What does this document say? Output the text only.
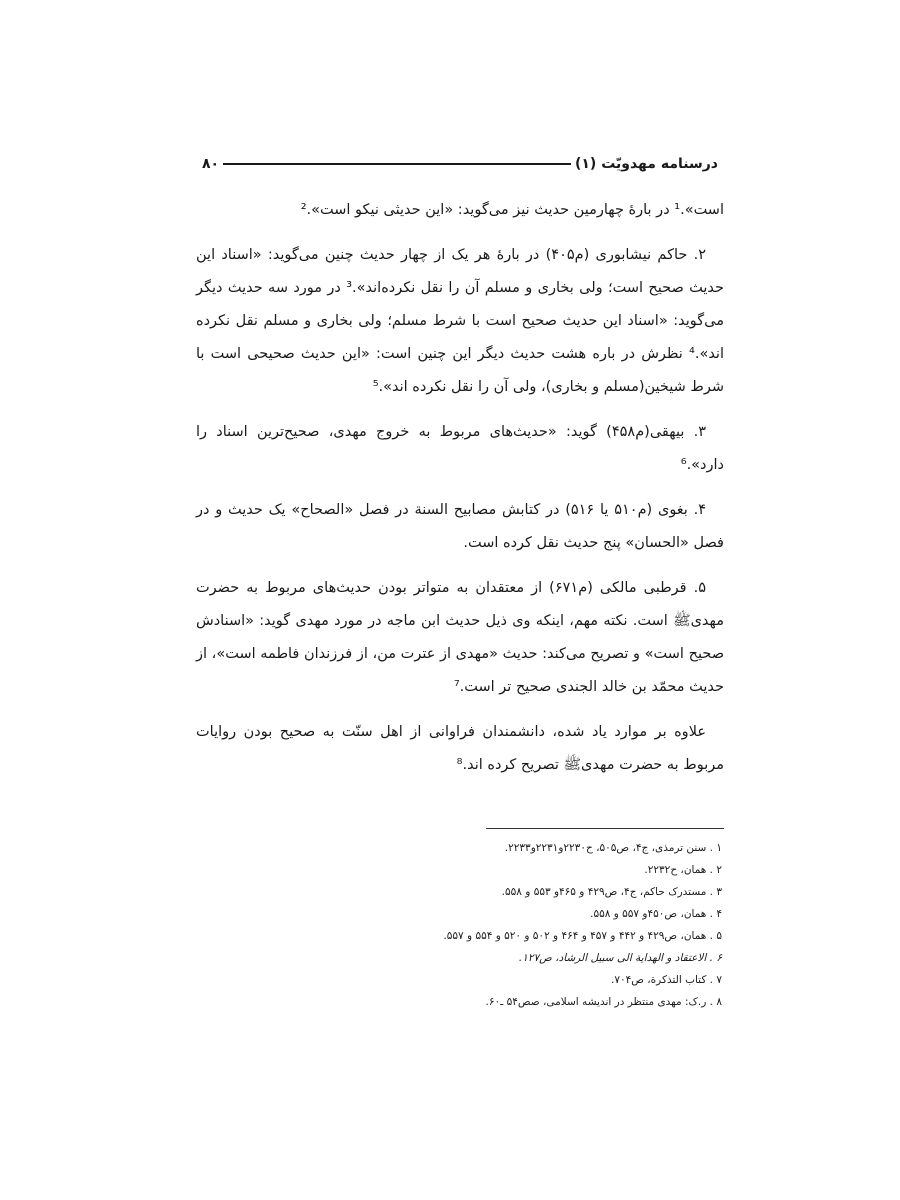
درسنامه مهدویّت (۱)
۸۰

است».¹ در بارۀ چهارمین حدیث نیز می‌گوید: «این حدیثی نیکو است».²

۲. حاکم نیشابوری (م۴۰۵) در بارۀ هر یک از چهار حدیث چنین می‌گوید: «اسناد این حدیث صحیح است؛ ولی بخاری و مسلم آن را نقل نکرده‌اند».³ در مورد سه حدیث دیگر می‌گوید: «اسناد این حدیث صحیح است با شرط مسلم؛ ولی بخاری و مسلم نقل نکرده اند».⁴ نظرش در باره هشت حدیث دیگر این چنین است: «این حدیث صحیحی است با شرط شیخین(مسلم و بخاری)، ولی آن را نقل نکرده اند».⁵

۳. بیهقی(م۴۵۸) گوید: «حدیث‌های مربوط به خروج مهدی، صحیح‌ترین اسناد را دارد».⁶

۴. بغوی (م۵۱۰ یا ۵۱۶) در کتابش مصابیح السنة در فصل «الصحاح» یک حدیث و در فصل «الحسان» پنج حدیث نقل کرده است.

۵. قرطبی مالکی (م۶۷۱) از معتقدان به متواتر بودن حدیث‌های مربوط به حضرت مهدی‌ﷺ است. نکته مهم، اینکه وی ذیل حدیث ابن ماجه در مورد مهدی گوید: «اسنادش صحیح است» و تصریح می‌کند: حدیث «مهدی از عترت من، از فرزندان فاطمه است»، از حدیث محمّد بن خالد الجندی صحیح تر است.⁷

علاوه بر موارد یاد شده، دانشمندان فراوانی از اهل سنّت به صحیح بودن روایات مربوط به حضرت مهدی‌ﷺ تصریح کرده اند.⁸

۱ . سنن ترمذی، ج۴، ص۵۰۵، ح۲۲۳۰و۲۲۳۱و۲۲۳۳.

۲ . همان، ح۲۲۳۲.

۳ . مستدرک حاکم، ج۴، ص۴۲۹ و ۴۶۵و ۵۵۳ و ۵۵۸.

۴ . همان، ص۴۵۰و ۵۵۷ و ۵۵۸.

۵ . همان، ص۴۲۹ و ۴۴۲ و ۴۵۷ و ۴۶۴ و ۵۰۲ و ۵۲۰ و ۵۵۴ و ۵۵۷.

۶ . الاعتقاد و الهدایة الی سبیل الرشاد، ص۱۲۷.

۷ . کتاب التذکرة، ص۷۰۴.

۸ . ر.ک: مهدی منتظر در اندیشه اسلامی، صص۵۴ ـ۶۰.
